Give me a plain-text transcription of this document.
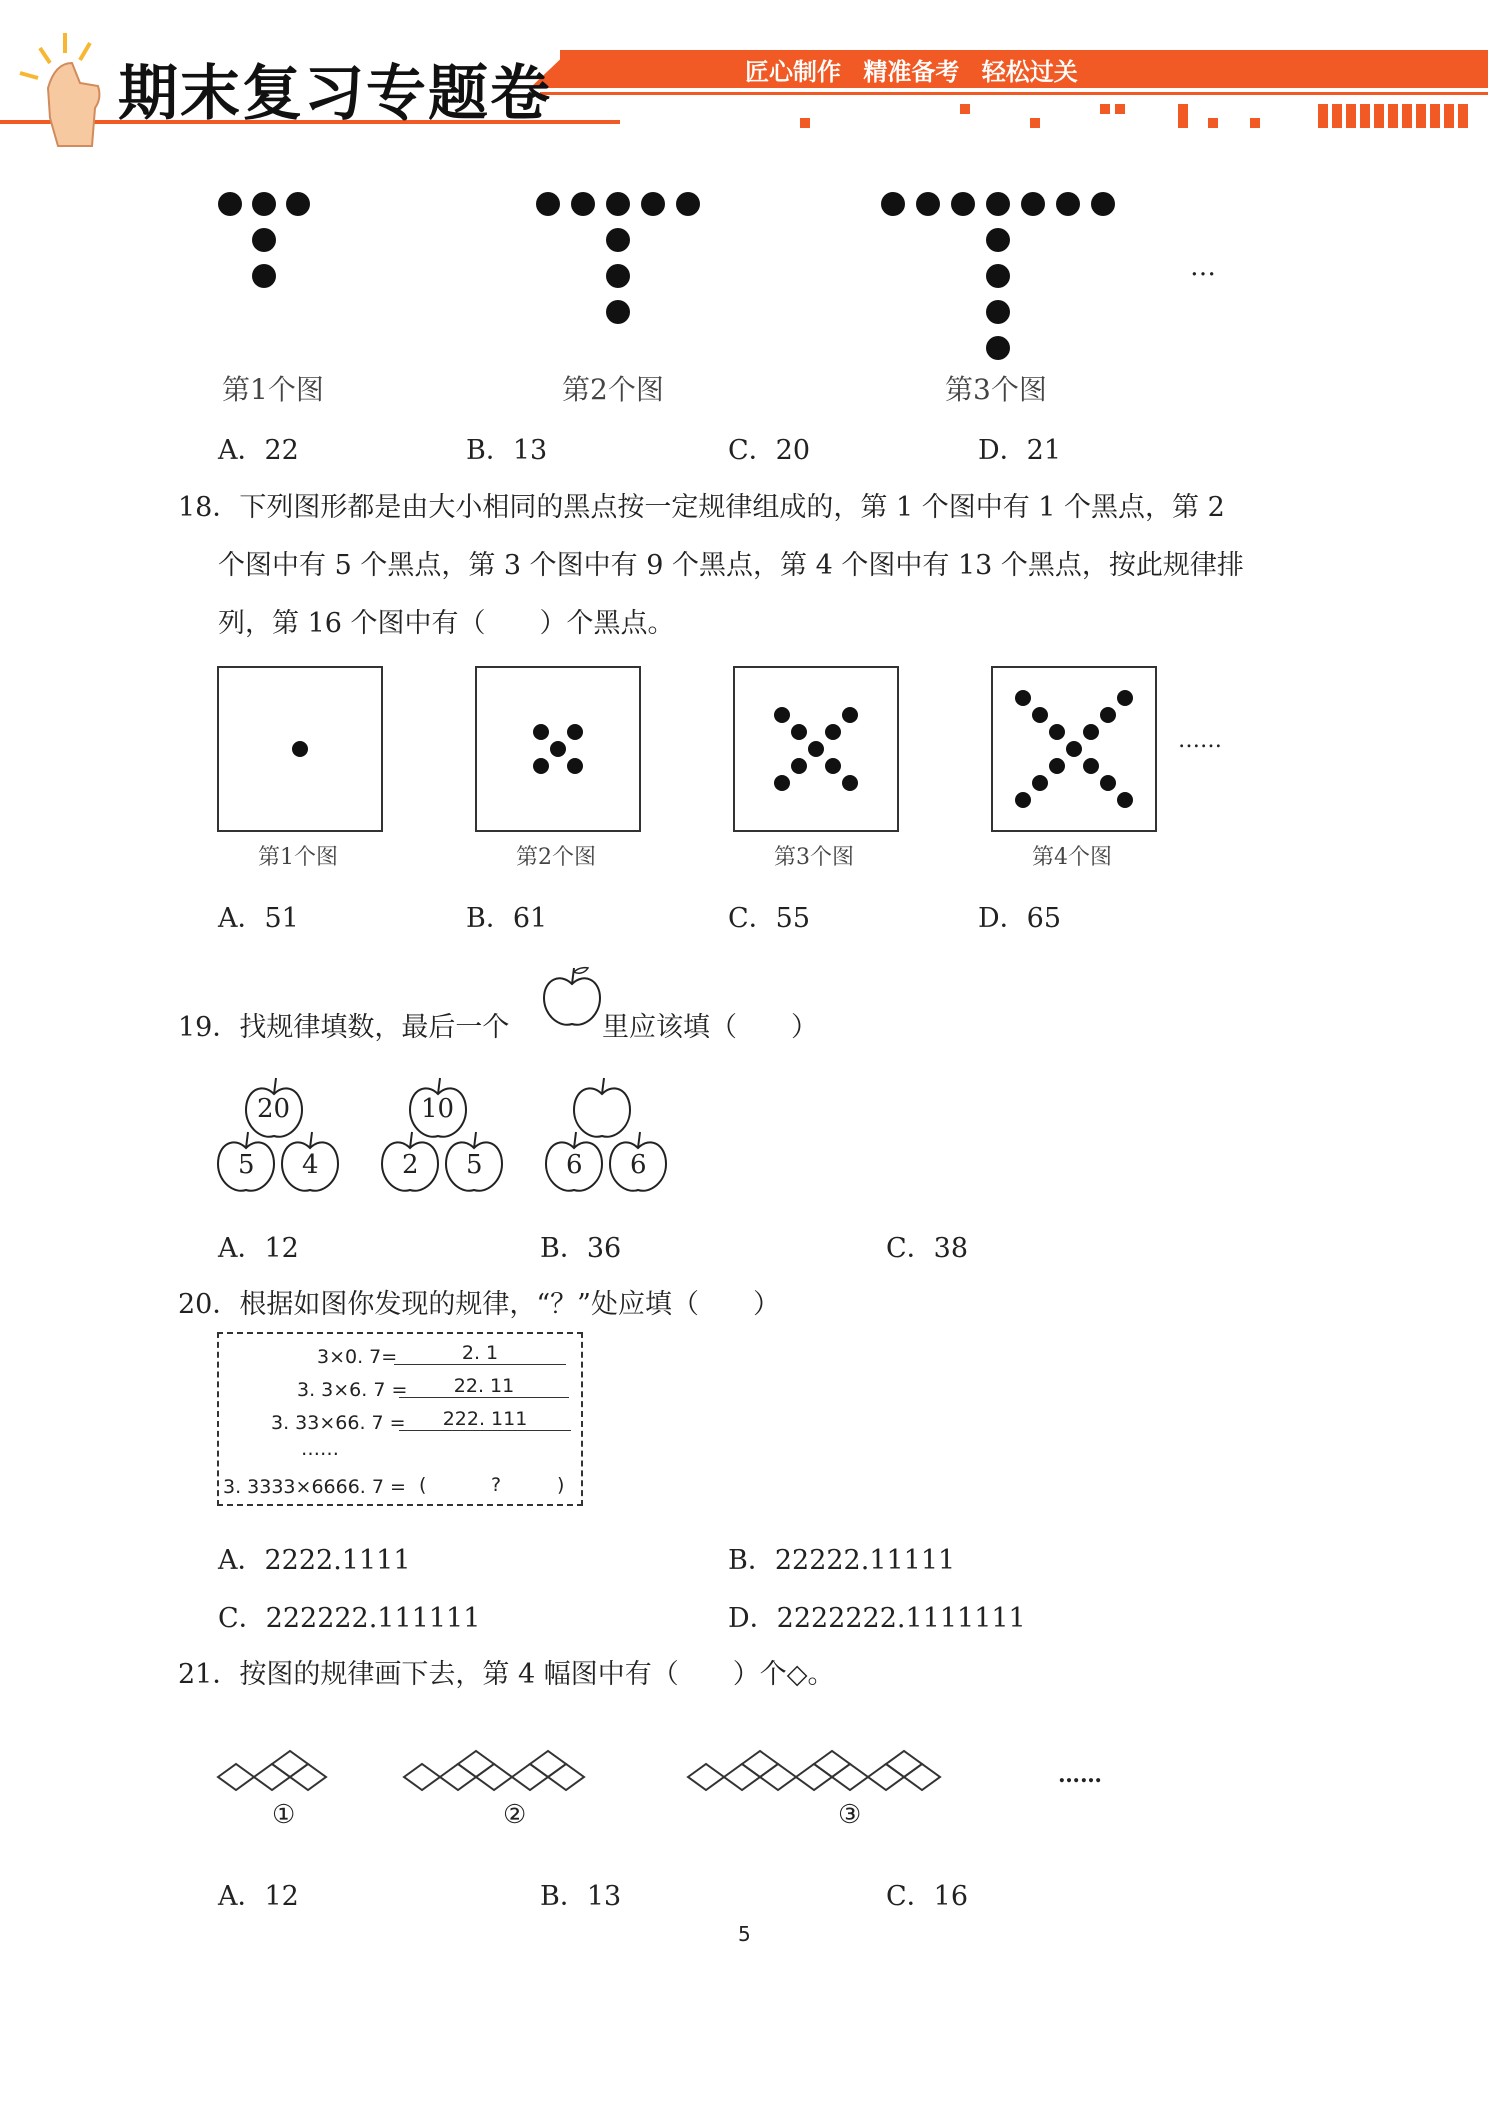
期末复习专题卷	匠心制作 精准备考 轻松过关
…
第1个图	第2个图	第3个图
A．22	B．13	C．20	D．21
18．下列图形都是由大小相同的黑点按一定规律组成的，第 1 个图中有 1 个黑点，第 2
个图中有 5 个黑点，第 3 个图中有 9 个黑点，第 4 个图中有 13 个黑点，按此规律排
列，第 16 个图中有（　　）个黑点。
……
第1个图	第2个图	第3个图	第4个图
A．51	B．61	C．55	D．65
19．找规律填数，最后一个	里应该填（　　）
20
5 4
10
2 5	6 6
A．12	B．36	C．38
20．根据如图你发现的规律，“？”处应填（　　）
3×0. 7=	2. 1
3. 3×6. 7 =	22. 11
3. 33×66. 7 =	222. 111
……
3. 3333×6666. 7 = (	?	)
A．2222.1111	B．22222.11111
C．222222.111111	D．2222222.1111111
21．按图的规律画下去，第 4 幅图中有（　　）个◇。
①	②	③
……
A．12	B．13	C．16
5
